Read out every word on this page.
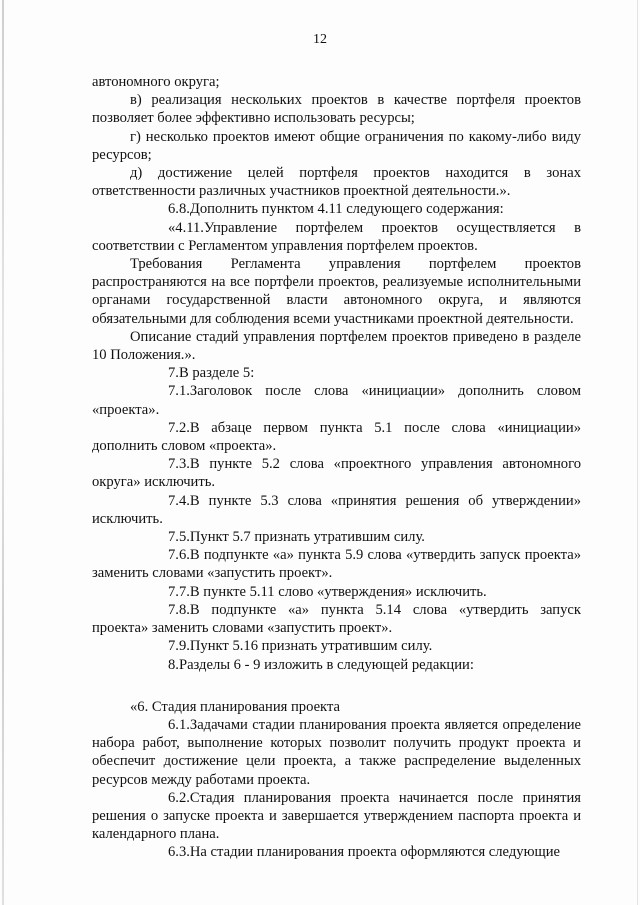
12

автономного округа;

в) реализация нескольких проектов в качестве портфеля проектов позволяет более эффективно использовать ресурсы;

г) несколько проектов имеют общие ограничения по какому-либо виду ресурсов;

д) достижение целей портфеля проектов находится в зонах ответственности различных участников проектной деятельности.».

6.8.Дополнить пунктом 4.11 следующего содержания:

«4.11.Управление портфелем проектов осуществляется в соответствии с Регламентом управления портфелем проектов.

Требования Регламента управления портфелем проектов распространяются на все портфели проектов, реализуемые исполнительными органами государственной власти автономного округа, и являются обязательными для соблюдения всеми участниками проектной деятельности.

Описание стадий управления портфелем проектов приведено в разделе 10 Положения.».

7.В разделе 5:

7.1.Заголовок после слова «инициации» дополнить словом «проекта».

7.2.В абзаце первом пункта 5.1 после слова «инициации» дополнить словом «проекта».

7.3.В пункте 5.2 слова «проектного управления автономного округа» исключить.

7.4.В пункте 5.3 слова «принятия решения об утверждении» исключить.

7.5.Пункт 5.7 признать утратившим силу.

7.6.В подпункте «а» пункта 5.9 слова «утвердить запуск проекта» заменить словами «запустить проект».

7.7.В пункте 5.11 слово «утверждения» исключить.

7.8.В подпункте «а» пункта 5.14 слова «утвердить запуск проекта» заменить словами «запустить проект».

7.9.Пункт 5.16 признать утратившим силу.

8.Разделы 6 - 9 изложить в следующей редакции:

«6. Стадия планирования проекта

6.1.Задачами стадии планирования проекта является определение набора работ, выполнение которых позволит получить продукт проекта и обеспечит достижение цели проекта, а также распределение выделенных ресурсов между работами проекта.

6.2.Стадия планирования проекта начинается после принятия решения о запуске проекта и завершается утверждением паспорта проекта и календарного плана.

6.3.На стадии планирования проекта оформляются следующие
